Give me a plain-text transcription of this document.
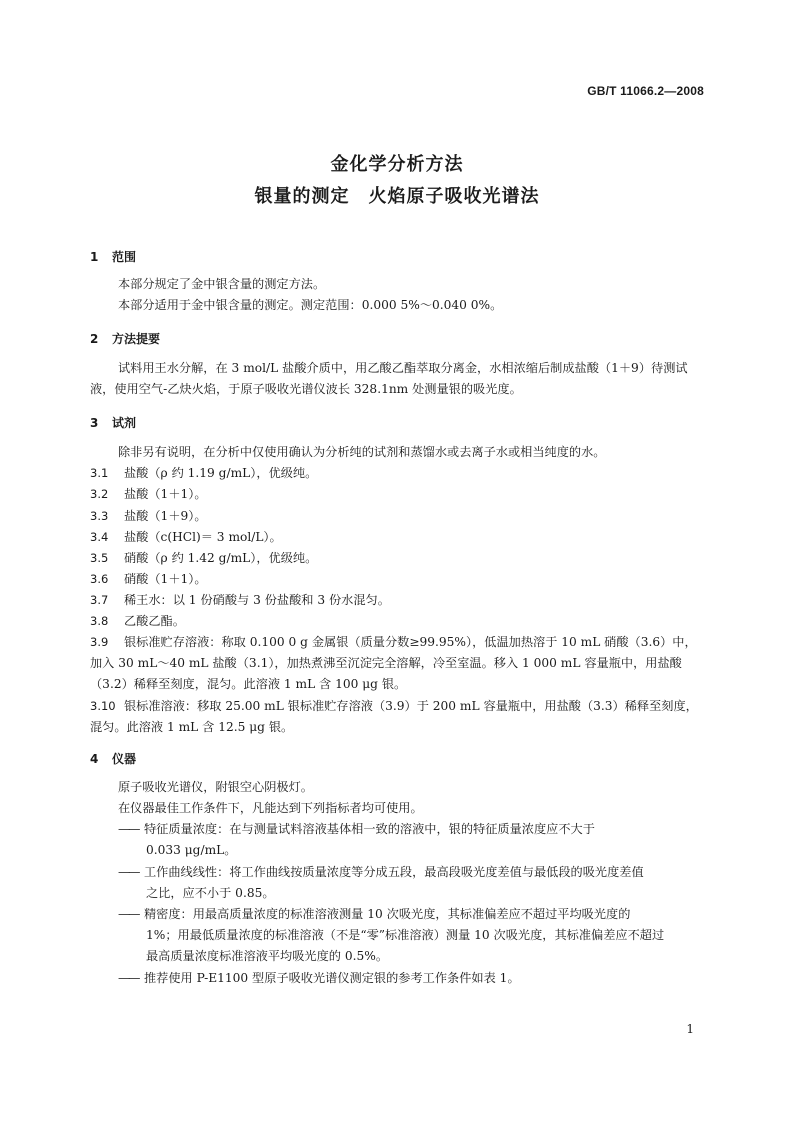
GB/T 11066.2—2008
金化学分析方法
银量的测定　火焰原子吸收光谱法
1 范围
本部分规定了金中银含量的测定方法。
本部分适用于金中银含量的测定。测定范围：0.000 5%～0.040 0%。
2 方法提要
试料用王水分解，在 3 mol/L 盐酸介质中，用乙酸乙酯萃取分离金，水相浓缩后制成盐酸（1＋9）待测试液，使用空气-乙炔火焰，于原子吸收光谱仪波长 328.1nm 处测量银的吸光度。
3 试剂
除非另有说明，在分析中仅使用确认为分析纯的试剂和蒸馏水或去离子水或相当纯度的水。
3.1 盐酸（ρ 约 1.19 g/mL），优级纯。
3.2 盐酸（1＋1）。
3.3 盐酸（1＋9）。
3.4 盐酸（c(HCl)＝ 3 mol/L）。
3.5 硝酸（ρ 约 1.42 g/mL），优级纯。
3.6 硝酸（1＋1）。
3.7 稀王水：以 1 份硝酸与 3 份盐酸和 3 份水混匀。
3.8 乙酸乙酯。
3.9 银标准贮存溶液：称取 0.100 0 g 金属银（质量分数≥99.95%），低温加热溶于 10 mL 硝酸（3.6）中，加入 30 mL～40 mL 盐酸（3.1），加热煮沸至沉淀完全溶解，冷至室温。移入 1 000 mL 容量瓶中，用盐酸（3.2）稀释至刻度，混匀。此溶液 1 mL 含 100 μg 银。
3.10 银标准溶液：移取 25.00 mL 银标准贮存溶液（3.9）于 200 mL 容量瓶中，用盐酸（3.3）稀释至刻度，混匀。此溶液 1 mL 含 12.5 μg 银。
4 仪器
原子吸收光谱仪，附银空心阴极灯。
在仪器最佳工作条件下，凡能达到下列指标者均可使用。
—— 特征质量浓度：在与测量试料溶液基体相一致的溶液中，银的特征质量浓度应不大于
0.033 μg/mL。
—— 工作曲线线性：将工作曲线按质量浓度等分成五段，最高段吸光度差值与最低段的吸光度差值
之比，应不小于 0.85。
—— 精密度：用最高质量浓度的标准溶液测量 10 次吸光度，其标准偏差应不超过平均吸光度的
1%；用最低质量浓度的标准溶液（不是“零”标准溶液）测量 10 次吸光度，其标准偏差应不超过
最高质量浓度标准溶液平均吸光度的 0.5%。
—— 推荐使用 P-E1100 型原子吸收光谱仪测定银的参考工作条件如表 1。
1
